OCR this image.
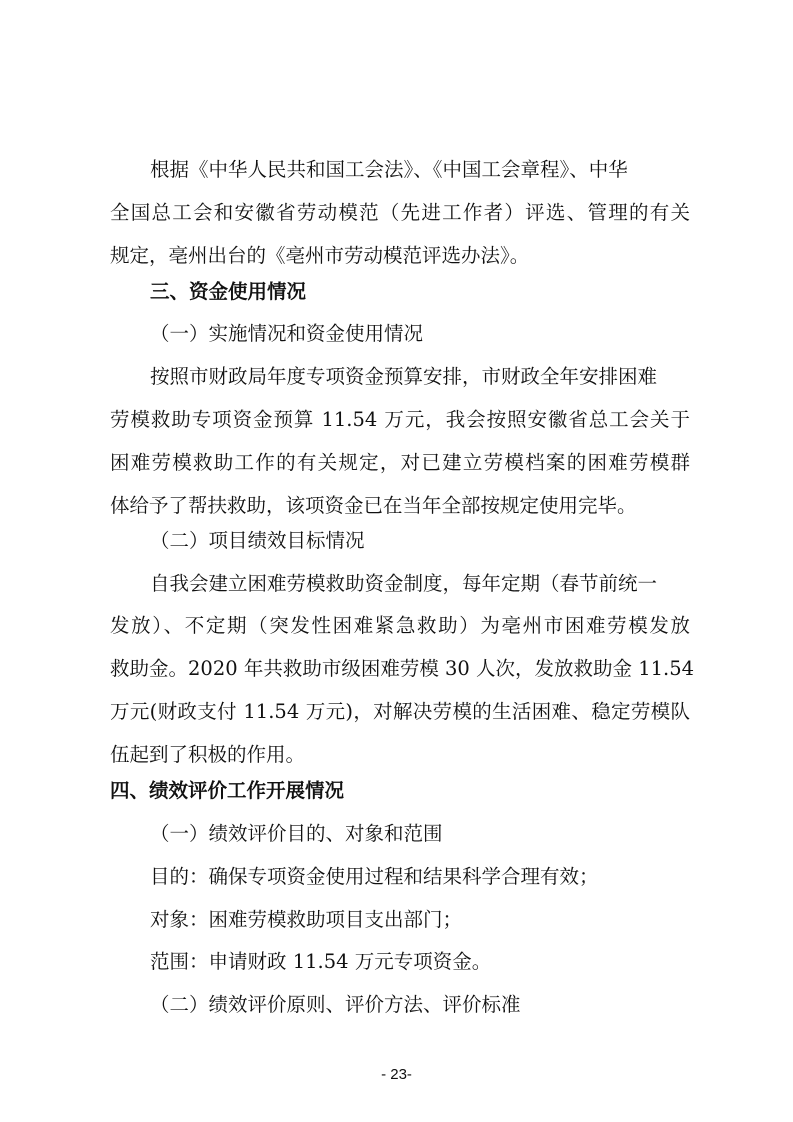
根据《中华人民共和国工会法》、《中国工会章程》、中华
全国总工会和安徽省劳动模范（先进工作者）评选、管理的有关
规定，亳州出台的《亳州市劳动模范评选办法》。
三、资金使用情况
（一）实施情况和资金使用情况
按照市财政局年度专项资金预算安排，市财政全年安排困难
劳模救助专项资金预算 11.54 万元，我会按照安徽省总工会关于
困难劳模救助工作的有关规定，对已建立劳模档案的困难劳模群
体给予了帮扶救助，该项资金已在当年全部按规定使用完毕。
（二）项目绩效目标情况
自我会建立困难劳模救助资金制度，每年定期（春节前统一
发放）、不定期（突发性困难紧急救助）为亳州市困难劳模发放
救助金。2020 年共救助市级困难劳模 30 人次，发放救助金 11.54
万元(财政支付 11.54 万元)，对解决劳模的生活困难、稳定劳模队
伍起到了积极的作用。
四、绩效评价工作开展情况
（一）绩效评价目的、对象和范围
目的：确保专项资金使用过程和结果科学合理有效；
对象：困难劳模救助项目支出部门；
范围：申请财政 11.54 万元专项资金。
（二）绩效评价原则、评价方法、评价标准
- 23-
